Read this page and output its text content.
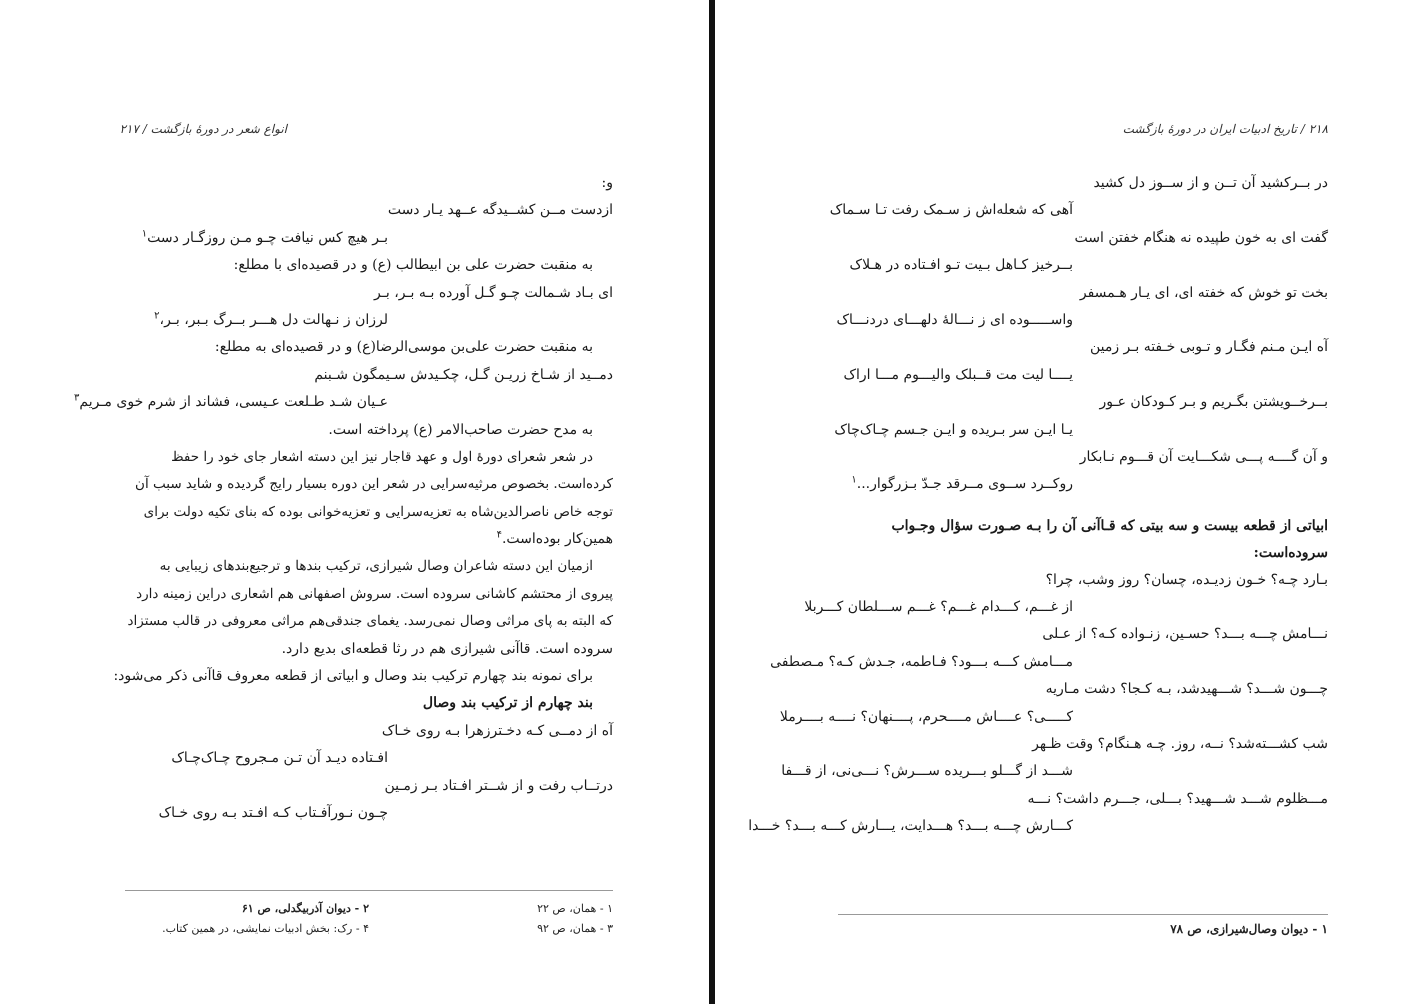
انواع شعر در دورهٔ بازگشت / ۲۱۷
و:
ازدست مــن کشــیدگه عــهد یـار دست
بـر هیچ کس نیافت چـو مـن روزگـار دست$^۱$
به منقبت حضرت علی بن ابیطالب (ع) و در قصیده‌ای با مطلع:
ای بـاد شـمالت چـو گـل آورده بـه بـر، بـر
لرزان ز نـهالت دل هـــر بــرگ بـبر، بـر،$^۲$
به منقبت حضرت علی‌بن موسی‌الرضا(ع) و در قصیده‌ای به مطلع:
دمــید از شـاخ زریـن گـل، چکـیدش سـیمگون شـبنم
عـیان شـد طـلعت عـیسی، فشاند از شرم خوی مـریم$^۳$
به مدح حضرت صاحب‌الامر (ع) پرداخته است.
در شعر شعرای دورهٔ اول و عهد قاجار نیز این دسته اشعار جای خود را حفظ
کرده‌است. بخصوص مرثیه‌سرایی در شعر این دوره بسیار رایج گردیده و شاید سبب آن
توجه خاص ناصرالدین‌شاه به تعزیه‌سرایی و تعزیه‌خوانی بوده که بنای تکیه دولت برای
همین‌کار بوده‌است.$^۴$
ازمیان این دسته شاعران وصال شیرازی، ترکیب بندها و ترجیع‌بندهای زیبایی به
پیروی از محتشم کاشانی سروده است. سروش اصفهانی هم اشعاری دراین زمینه دارد
که البته به پای مراثی وصال نمی‌رسد. یغمای جندقی‌هم مراثی معروفی در قالب مستزاد
سروده است. قاآنی شیرازی هم در رثا قطعه‌ای بدیع دارد.
برای نمونه بند چهارم ترکیب بند وصال و ابیاتی از قطعه معروف قاآنی ذکر می‌شود:
بند چهارم از ترکیب بند وصال
آه از دمــی کـه دخـترزهرا بـه روی خـاک
افـتاده دیـد آن تـن مـجروح چـاک‌چـاک
درتــاب رفت و از شــتر افـتاد بـر زمـین
چـون نـورآفـتاب کـه افـتد بـه روی خـاک
۱ - همان، ص ۲۲
۲ - دیوان آذربیگدلی، ص ۶۱
۳ - همان، ص ۹۲
۴ - رک: بخش ادبیات نمایشی، در همین کتاب.
۲۱۸ / تاریخ ادبیات ایران در دورهٔ بازگشت
در بــرکشید آن تــن و از ســوز دل کشید
آهی که شعله‌اش ز سـمک رفت تـا سـماک
گفت ای به خون طپیده نه هنگام خفتن است
بــرخیز کـاهل بـیت تـو افـتاده در هـلاک
بخت تو خوش که خفته ای، ای یـار هـمسفر
واســـــوده ای ز نـــالهٔ دلهـــای دردنـــاک
آه ایـن مـنم فگـار و تـوبی خـفته بـر زمین
یــــا لیت مت قــبلک والیـــوم مـــا اراک
بــرخــویشتن بگـریم و بـر کـودکان عـور
یـا ایـن سر بـریده و ایـن جـسم چـاک‌چاک
و آن گــــه پـــی شکـــایت آن قـــوم نـابکار
روکــرد ســوی مــرقد جـدّ بـزرگوار...$^۱$
ابیاتی از قطعه بیست و سه بیتی که قـاآنی آن را بـه صـورت سؤال وجـواب سروده‌است:
بـارد چـه؟ خـون زدیـده، چسان؟ روز وشب، چرا؟
از غـــم، کـــدام غـــم؟ غـــم ســـلطان کـــربلا
نـــامش چـــه بـــد؟ حسـین، زنـواده کـه؟ از عـلی
مـــامش کـــه بـــود؟ فـاطمه، جـدش کـه؟ مـصطفی
چـــون شـــد؟ شـــهیدشد، بـه کـجا؟ دشت مـاریه
کـــــی؟ عــــاش مــــحرم، پــــنهان؟ نــــه بــــرملا
شب کشـــته‌شد؟ نــه، روز. چـه هـنگام؟ وقت ظـهر
شـــد از گـــلو بـــریده ســـرش؟ نـــی‌نی، از قـــفا
مـــظلوم شـــد شـــهید؟ بـــلی، جـــرم داشت؟ نـــه
کـــارش چـــه بـــد؟ هـــدایت، یـــارش کـــه بـــد؟ خـــدا
۱ - دیوان وصال‌شیرازی، ص ۷۸
